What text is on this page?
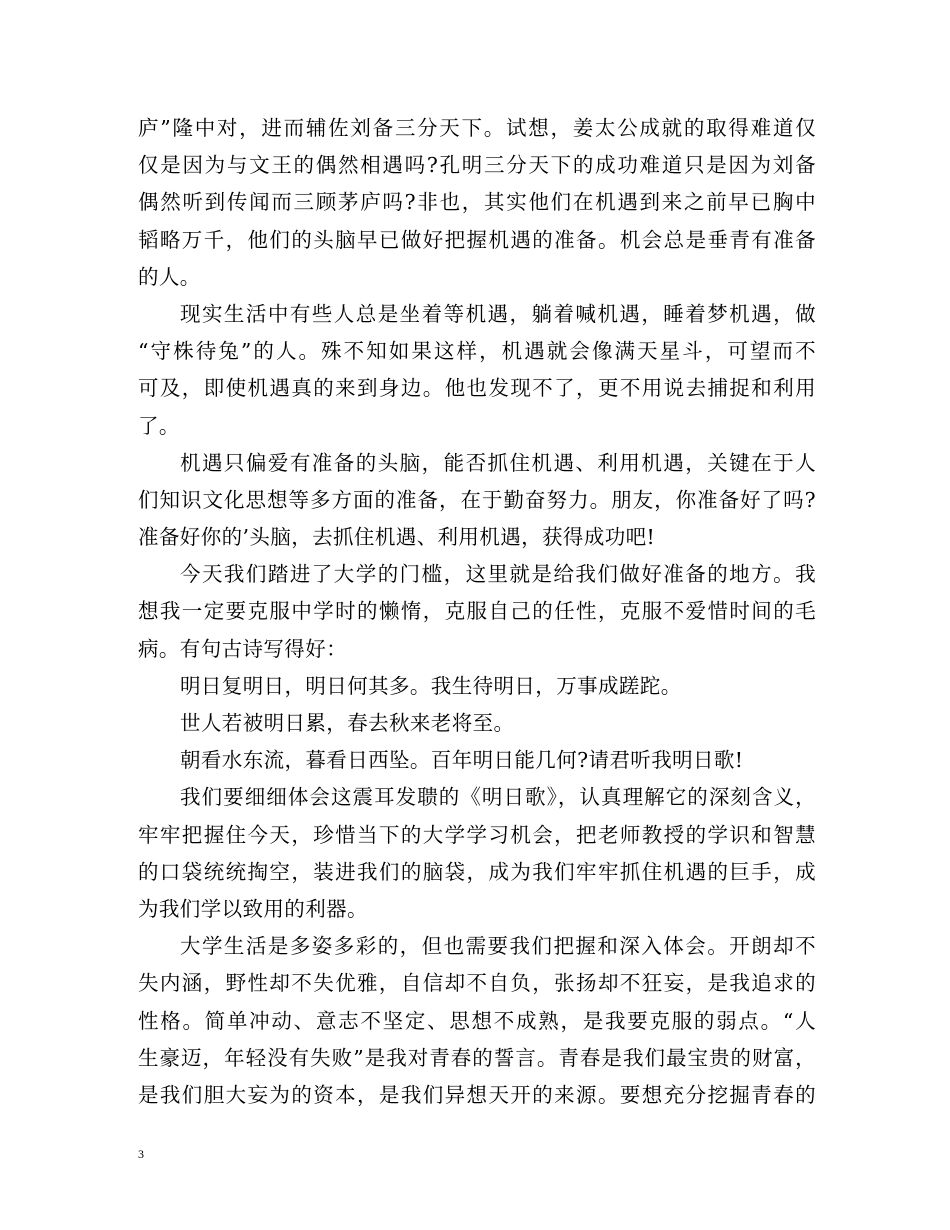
庐”隆中对，进而辅佐刘备三分天下。试想，姜太公成就的取得难道仅
仅是因为与文王的偶然相遇吗?孔明三分天下的成功难道只是因为刘备
偶然听到传闻而三顾茅庐吗?非也，其实他们在机遇到来之前早已胸中
韬略万千，他们的头脑早已做好把握机遇的准备。机会总是垂青有准备
的人。
现实生活中有些人总是坐着等机遇，躺着喊机遇，睡着梦机遇，做
“守株待兔”的人。殊不知如果这样，机遇就会像满天星斗，可望而不
可及，即使机遇真的来到身边。他也发现不了，更不用说去捕捉和利用
了。
机遇只偏爱有准备的头脑，能否抓住机遇、利用机遇，关键在于人
们知识文化思想等多方面的准备，在于勤奋努力。朋友，你准备好了吗?
准备好你的’头脑，去抓住机遇、利用机遇，获得成功吧!
今天我们踏进了大学的门槛，这里就是给我们做好准备的地方。我
想我一定要克服中学时的懒惰，克服自己的任性，克服不爱惜时间的毛
病。有句古诗写得好：
明日复明日，明日何其多。我生待明日，万事成蹉跎。
世人若被明日累，春去秋来老将至。
朝看水东流，暮看日西坠。百年明日能几何?请君听我明日歌!
我们要细细体会这震耳发聩的《明日歌》，认真理解它的深刻含义，
牢牢把握住今天，珍惜当下的大学学习机会，把老师教授的学识和智慧
的口袋统统掏空，装进我们的脑袋，成为我们牢牢抓住机遇的巨手，成
为我们学以致用的利器。
大学生活是多姿多彩的，但也需要我们把握和深入体会。开朗却不
失内涵，野性却不失优雅，自信却不自负，张扬却不狂妄，是我追求的
性格。简单冲动、意志不坚定、思想不成熟，是我要克服的弱点。“人
生豪迈，年轻没有失败”是我对青春的誓言。青春是我们最宝贵的财富，
是我们胆大妄为的资本，是我们异想天开的来源。要想充分挖掘青春的
3
